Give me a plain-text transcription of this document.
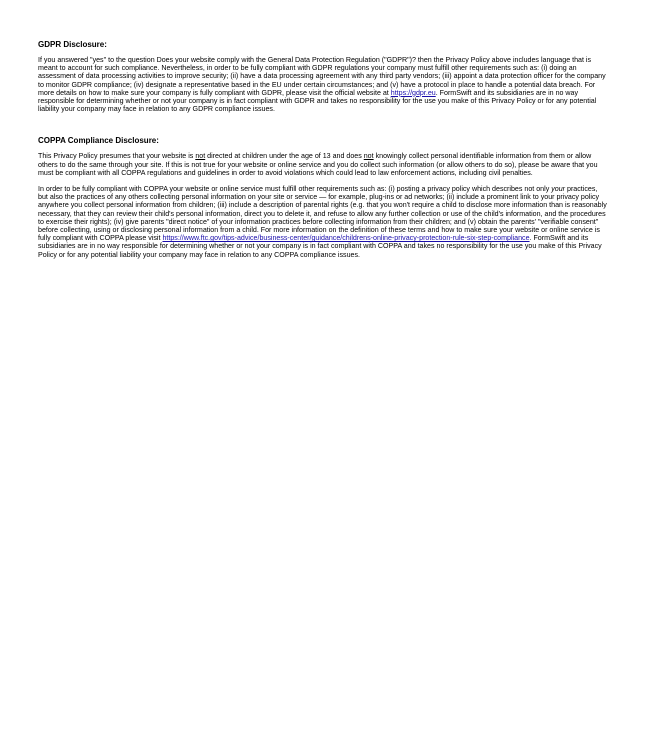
GDPR Disclosure:

If you answered "yes" to the question Does your website comply with the General Data Protection Regulation ("GDPR")? then the Privacy Policy above includes language that is meant to account for such compliance. Nevertheless, in order to be fully compliant with GDPR regulations your company must fulfill other requirements such as: (i) doing an assessment of data processing activities to improve security; (ii) have a data processing agreement with any third party vendors; (iii) appoint a data protection officer for the company to monitor GDPR compliance; (iv) designate a representative based in the EU under certain circumstances; and (v) have a protocol in place to handle a potential data breach. For more details on how to make sure your company is fully compliant with GDPR, please visit the official website at https://gdpr.eu. FormSwift and its subsidiaries are in no way responsible for determining whether or not your company is in fact compliant with GDPR and takes no responsibility for the use you make of this Privacy Policy or for any potential liability your company may face in relation to any GDPR compliance issues.

COPPA Compliance Disclosure:

This Privacy Policy presumes that your website is not directed at children under the age of 13 and does not knowingly collect personal identifiable information from them or allow others to do the same through your site. If this is not true for your website or online service and you do collect such information (or allow others to do so), please be aware that you must be compliant with all COPPA regulations and guidelines in order to avoid violations which could lead to law enforcement actions, including civil penalties.

In order to be fully compliant with COPPA your website or online service must fulfill other requirements such as: (i) posting a privacy policy which describes not only your practices, but also the practices of any others collecting personal information on your site or service — for example, plug-ins or ad networks; (ii) include a prominent link to your privacy policy anywhere you collect personal information from children; (iii) include a description of parental rights (e.g. that you won't require a child to disclose more information than is reasonably necessary, that they can review their child's personal information, direct you to delete it, and refuse to allow any further collection or use of the child's information, and the procedures to exercise their rights); (iv) give parents "direct notice" of your information practices before collecting information from their children; and (v) obtain the parents' "verifiable consent" before collecting, using or disclosing personal information from a child. For more information on the definition of these terms and how to make sure your website or online service is fully compliant with COPPA please visit https://www.ftc.gov/tips-advice/business-center/guidance/childrens-online-privacy-protection-rule-six-step-compliance. FormSwift and its subsidiaries are in no way responsible for determining whether or not your company is in fact compliant with COPPA and takes no responsibility for the use you make of this Privacy Policy or for any potential liability your company may face in relation to any COPPA compliance issues.
